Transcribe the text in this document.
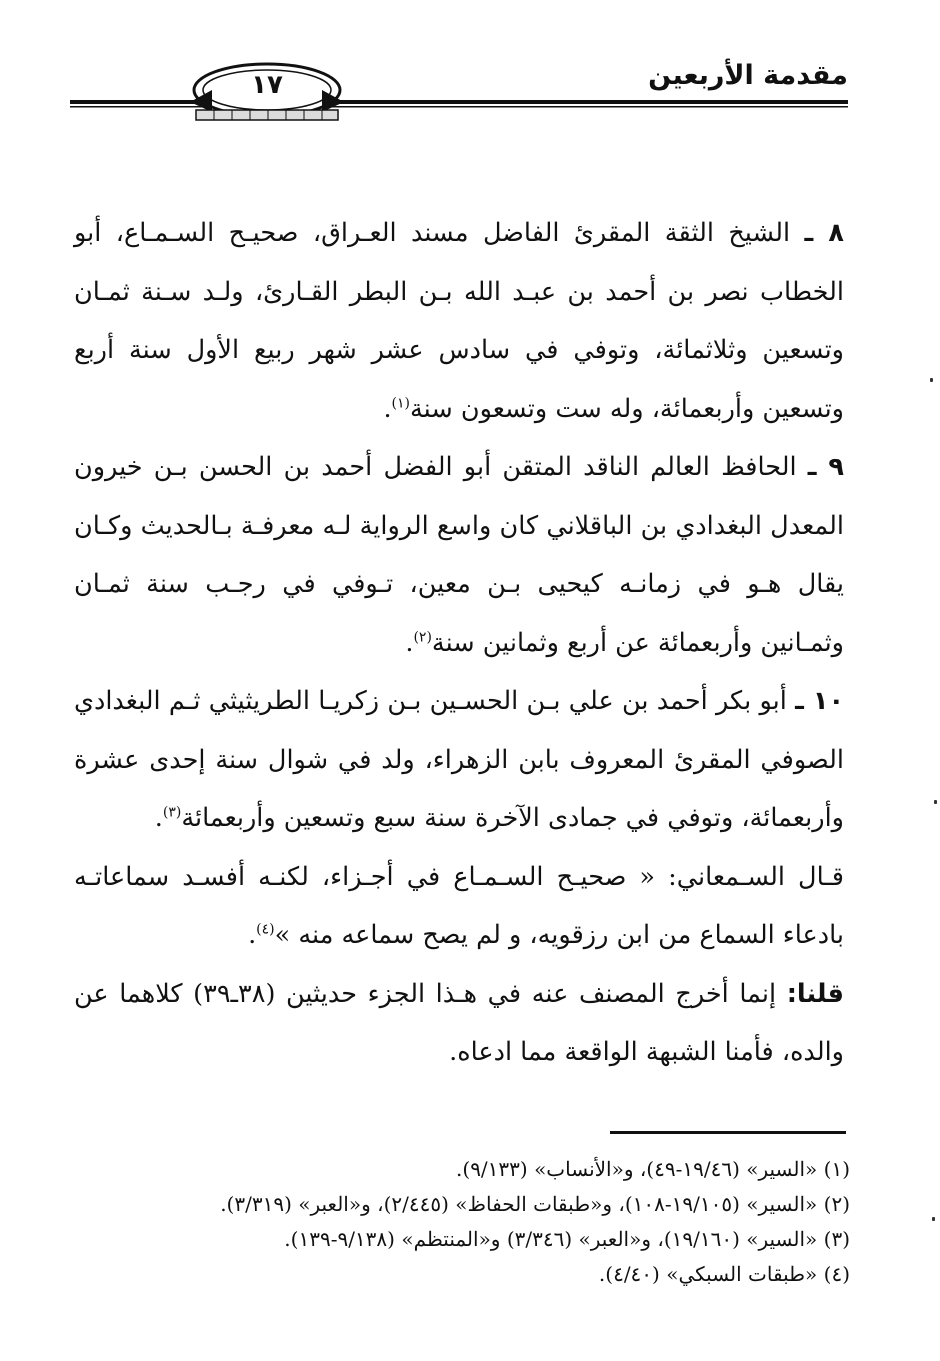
مقدمة الأربعين
١٧

٨ ـ الشيخ الثقة المقرئ الفاضل مسند العـراق، صحيـح السـمـاع، أبو الخطاب نصر بن أحمد بن عبـد الله بـن البطر القـارئ، ولـد سـنة ثمـان وتسعين وثلاثمائة، وتوفي في سادس عشر شهر ربيع الأول سنة أربع وتسعين وأربعمائة، وله ست وتسعون سنة$^{(١)}$.

٩ ـ الحافظ العالم الناقد المتقن أبو الفضل أحمد بن الحسن بـن خيرون المعدل البغدادي بن الباقلاني كان واسع الرواية لـه معرفـة بـالحديث وكـان يقال هـو في زمانـه كيحيى بـن معين، تـوفي في رجـب سنة ثمـان وثمـانين وأربعمائة عن أربع وثمانين سنة$^{(٢)}$.

١٠ ـ أبو بكر أحمد بن علي بـن الحسـين بـن زكريـا الطريثيثي ثـم البغدادي الصوفي المقرئ المعروف بابن الزهراء، ولد في شوال سنة إحدى عشرة وأربعمائة، وتوفي في جمادى الآخرة سنة سبع وتسعين وأربعمائة$^{(٣)}$.

قـال السـمعاني: « صحيـح السـمـاع في أجـزاء، لكنـه أفسـد سماعاتـه بادعاء السماع من ابن رزقويه، و لم يصح سماعه منه »$^{(٤)}$.

قلنا: إنما أخرج المصنف عنه في هـذا الجزء حديثين (٣٨ـ٣٩) كلاهما عن والده، فأمنا الشبهة الواقعة مما ادعاه.

(١) «السير» (١٩/٤٦-٤٩)، و«الأنساب» (٩/١٣٣).
(٢) «السير» (١٩/١٠٥-١٠٨)، و«طبقات الحفاظ» (٢/٤٤٥)، و«العبر» (٣/٣١٩).
(٣) «السير» (١٩/١٦٠)، و«العبر» (٣/٣٤٦) و«المنتظم» (٩/١٣٨-١٣٩).
(٤) «طبقات السبكي» (٤/٤٠).
